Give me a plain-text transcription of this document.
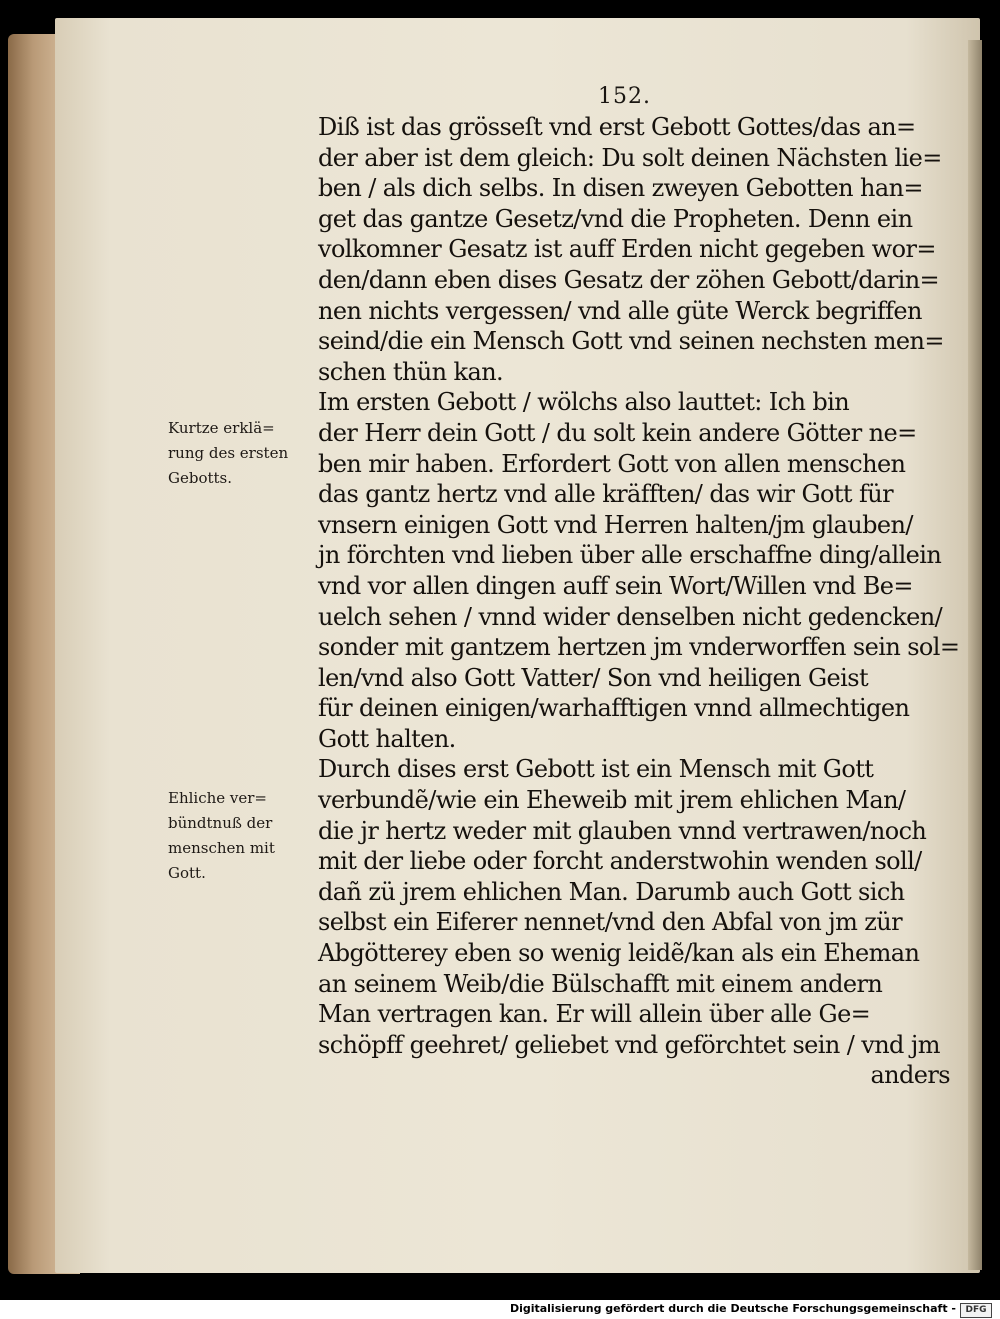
152.
Kurtze erklä=
rung des ersten
Gebotts.
Ehliche ver=
bündtnuß der
menschen mit
Gott.
Diß ist das grösseſt vnd erst Gebott Gottes/das an=
der aber ist dem gleich: Du solt deinen Nächsten lie=
ben / als dich selbs. In disen zweyen Gebotten han=
get das gantze Gesetz/vnd die Propheten. Denn ein
volkomner Gesatz ist auff Erden nicht gegeben wor=
den/dann eben dises Gesatz der zöhen Gebott/darin=
nen nichts vergessen/ vnd alle güte Werck begriffen
seind/die ein Mensch Gott vnd seinen nechsten men=
schen thün kan.
Im ersten Gebott / wölchs also lauttet: Ich bin
der Herr dein Gott / du solt kein andere Götter ne=
ben mir haben. Erfordert Gott von allen menschen
das gantz hertz vnd alle kräfften/ das wir Gott für
vnsern einigen Gott vnd Herren halten/jm glauben/
jn förchten vnd lieben über alle erschaffne ding/allein
vnd vor allen dingen auff sein Wort/Willen vnd Be=
uelch sehen / vnnd wider denselben nicht gedencken/
sonder mit gantzem hertzen jm vnderworffen sein sol=
len/vnd also Gott Vatter/ Son vnd heiligen Geist
für deinen einigen/warhafftigen vnnd allmechtigen
Gott halten.
Durch dises erst Gebott ist ein Mensch mit Gott
verbundẽ/wie ein Eheweib mit jrem ehlichen Man/
die jr hertz weder mit glauben vnnd vertrawen/noch
mit der liebe oder forcht anderstwohin wenden soll/
dañ zü jrem ehlichen Man. Darumb auch Gott sich
selbst ein Eiferer nennet/vnd den Abfal von jm zür
Abgötterey eben so wenig leidẽ/kan als ein Eheman
an seinem Weib/die Bülschafft mit einem andern
Man vertragen kan. Er will allein über alle Ge=
schöpff geehret/ geliebet vnd geförchtet sein / vnd jm
anders
Digitalisierung gefördert durch die Deutsche Forschungsgemeinschaft -	DFG
